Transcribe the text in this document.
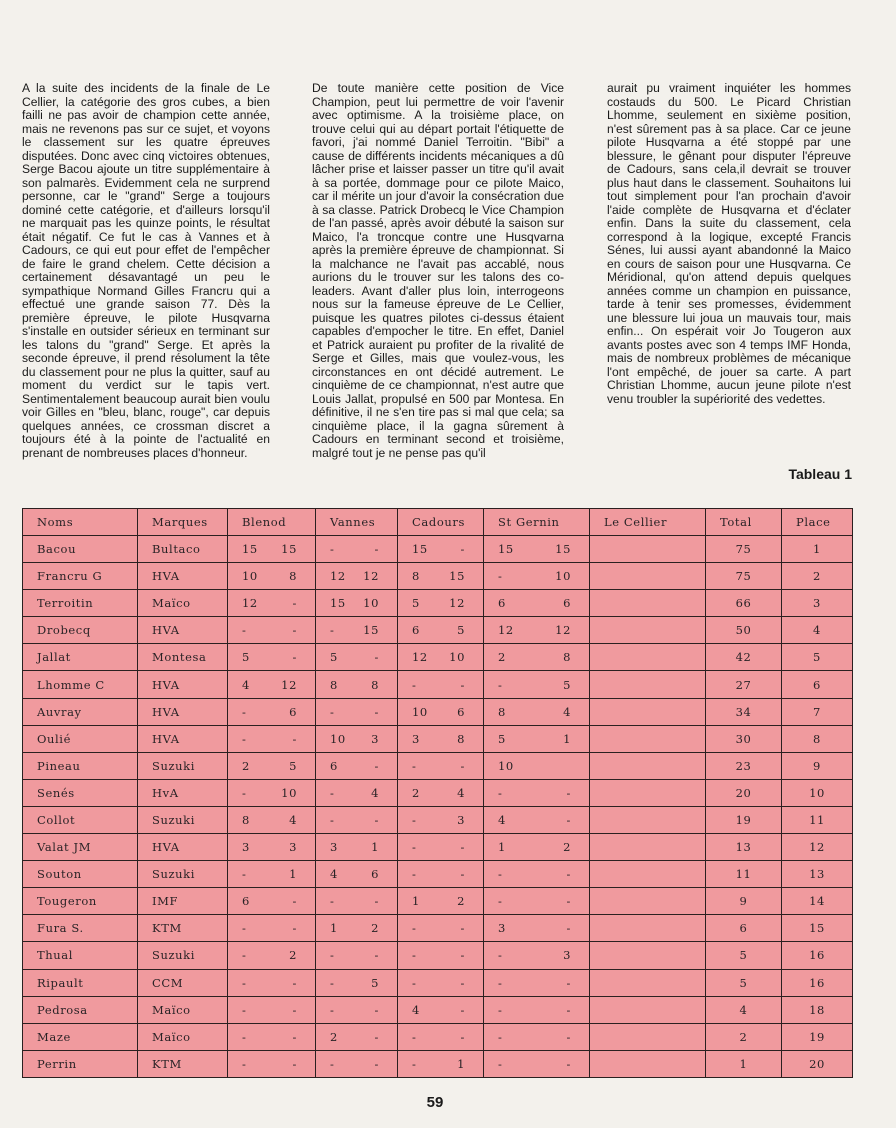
A la suite des incidents de la finale de Le Cellier, la catégorie des gros cubes, a bien failli ne pas avoir de champion cette année, mais ne revenons pas sur ce sujet, et voyons le classement sur les quatre épreuves disputées. Donc avec cinq victoires obtenues, Serge Bacou ajoute un titre supplémentaire à son palmarès. Evidemment cela ne surprend personne, car le "grand" Serge a toujours dominé cette catégorie, et d'ailleurs lorsqu'il ne marquait pas les quinze points, le résultat était négatif. Ce fut le cas à Vannes et à Cadours, ce qui eut pour effet de l'empêcher de faire le grand chelem. Cette décision a certainement désavantagé un peu le sympathique Normand Gilles Francru qui a effectué une grande saison 77. Dès la première épreuve, le pilote Husqvarna s'installe en outsider sérieux en terminant sur les talons du "grand" Serge. Et après la seconde épreuve, il prend résolument la tête du classement pour ne plus la quitter, sauf au moment du verdict sur le tapis vert. Sentimentalement beaucoup aurait bien voulu voir Gilles en "bleu, blanc, rouge", car depuis quelques années, ce crossman discret a toujours été à la pointe de l'actualité en prenant de nombreuses places d'honneur.

De toute manière cette position de Vice Champion, peut lui permettre de voir l'avenir avec optimisme. A la troisième place, on trouve celui qui au départ portait l'étiquette de favori, j'ai nommé Daniel Terroitin. "Bibi" a cause de différents incidents mécaniques a dû lâcher prise et laisser passer un titre qu'il avait à sa portée, dommage pour ce pilote Maico, car il mérite un jour d'avoir la consécration due à sa classe. Patrick Drobecq le Vice Champion de l'an passé, après avoir débuté la saison sur Maico, l'a troncque contre une Husqvarna après la première épreuve de championnat. Si la malchance ne l'avait pas accablé, nous aurions du le trouver sur les talons des co-leaders. Avant d'aller plus loin, interrogeons nous sur la fameuse épreuve de Le Cellier, puisque les quatres pilotes ci-dessus étaient capables d'empocher le titre. En effet, Daniel et Patrick auraient pu profiter de la rivalité de Serge et Gilles, mais que voulez-vous, les circonstances en ont décidé autrement. Le cinquième de ce championnat, n'est autre que Louis Jallat, propulsé en 500 par Montesa. En définitive, il ne s'en tire pas si mal que cela; sa cinquième place, il la gagna sûrement à Cadours en terminant second et troisième, malgré tout je ne pense pas qu'il

aurait pu vraiment inquiéter les hommes costauds du 500. Le Picard Christian Lhomme, seulement en sixième position, n'est sûrement pas à sa place. Car ce jeune pilote Husqvarna a été stoppé par une blessure, le gênant pour disputer l'épreuve de Cadours, sans cela,il devrait se trouver plus haut dans le classement. Souhaitons lui tout simplement pour l'an prochain d'avoir l'aide complète de Husqvarna et d'éclater enfin. Dans la suite du classement, cela correspond à la logique, excepté Francis Sénes, lui aussi ayant abandonné la Maico en cours de saison pour une Husqvarna. Ce Méridional, qu'on attend depuis quelques années comme un champion en puissance, tarde à tenir ses promesses, évidemment une blessure lui joua un mauvais tour, mais enfin... On espérait voir Jo Tougeron aux avants postes avec son 4 temps IMF Honda, mais de nombreux problèmes de mécanique l'ont empêché, de jouer sa carte. A part Christian Lhomme, aucun jeune pilote n'est venu troubler la supériorité des vedettes.

Tableau 1
Noms	Marques	Blenod	Vannes	Cadours	St Gernin	Le Cellier	Total	Place
Bacou	Bultaco	15 15	- -	15 -	15 15		75	1
Francru G	HVA	10 8	12 12	8 15	- 10		75	2
Terroitin	Maïco	12 -	15 10	5 12	6 6		66	3
Drobecq	HVA	- -	- 15	6 5	12 12		50	4
Jallat	Montesa	5 -	5 -	12 10	2 8		42	5
Lhomme C	HVA	4 12	8 8	- -	- 5		27	6
Auvray	HVA	- 6	- -	10 6	8 4		34	7
Oulié	HVA	- -	10 3	3 8	5 1		30	8
Pineau	Suzuki	2 5	6 -	- -	10		23	9
Senés	HvA	- 10	- 4	2 4	- -		20	10
Collot	Suzuki	8 4	- -	- 3	4 -		19	11
Valat JM	HVA	3 3	3 1	- -	1 2		13	12
Souton	Suzuki	- 1	4 6	- -	- -		11	13
Tougeron	IMF	6 -	- -	1 2	- -		9	14
Fura S.	KTM	- -	1 2	- -	3 -		6	15
Thual	Suzuki	- 2	- -	- -	- 3		5	16
Ripault	CCM	- -	- 5	- -	- -		5	16
Pedrosa	Maïco	- -	- -	4 -	- -		4	18
Maze	Maïco	- -	2 -	- -	- -		2	19
Perrin	KTM	- -	- -	- 1	- -		1	20
59
